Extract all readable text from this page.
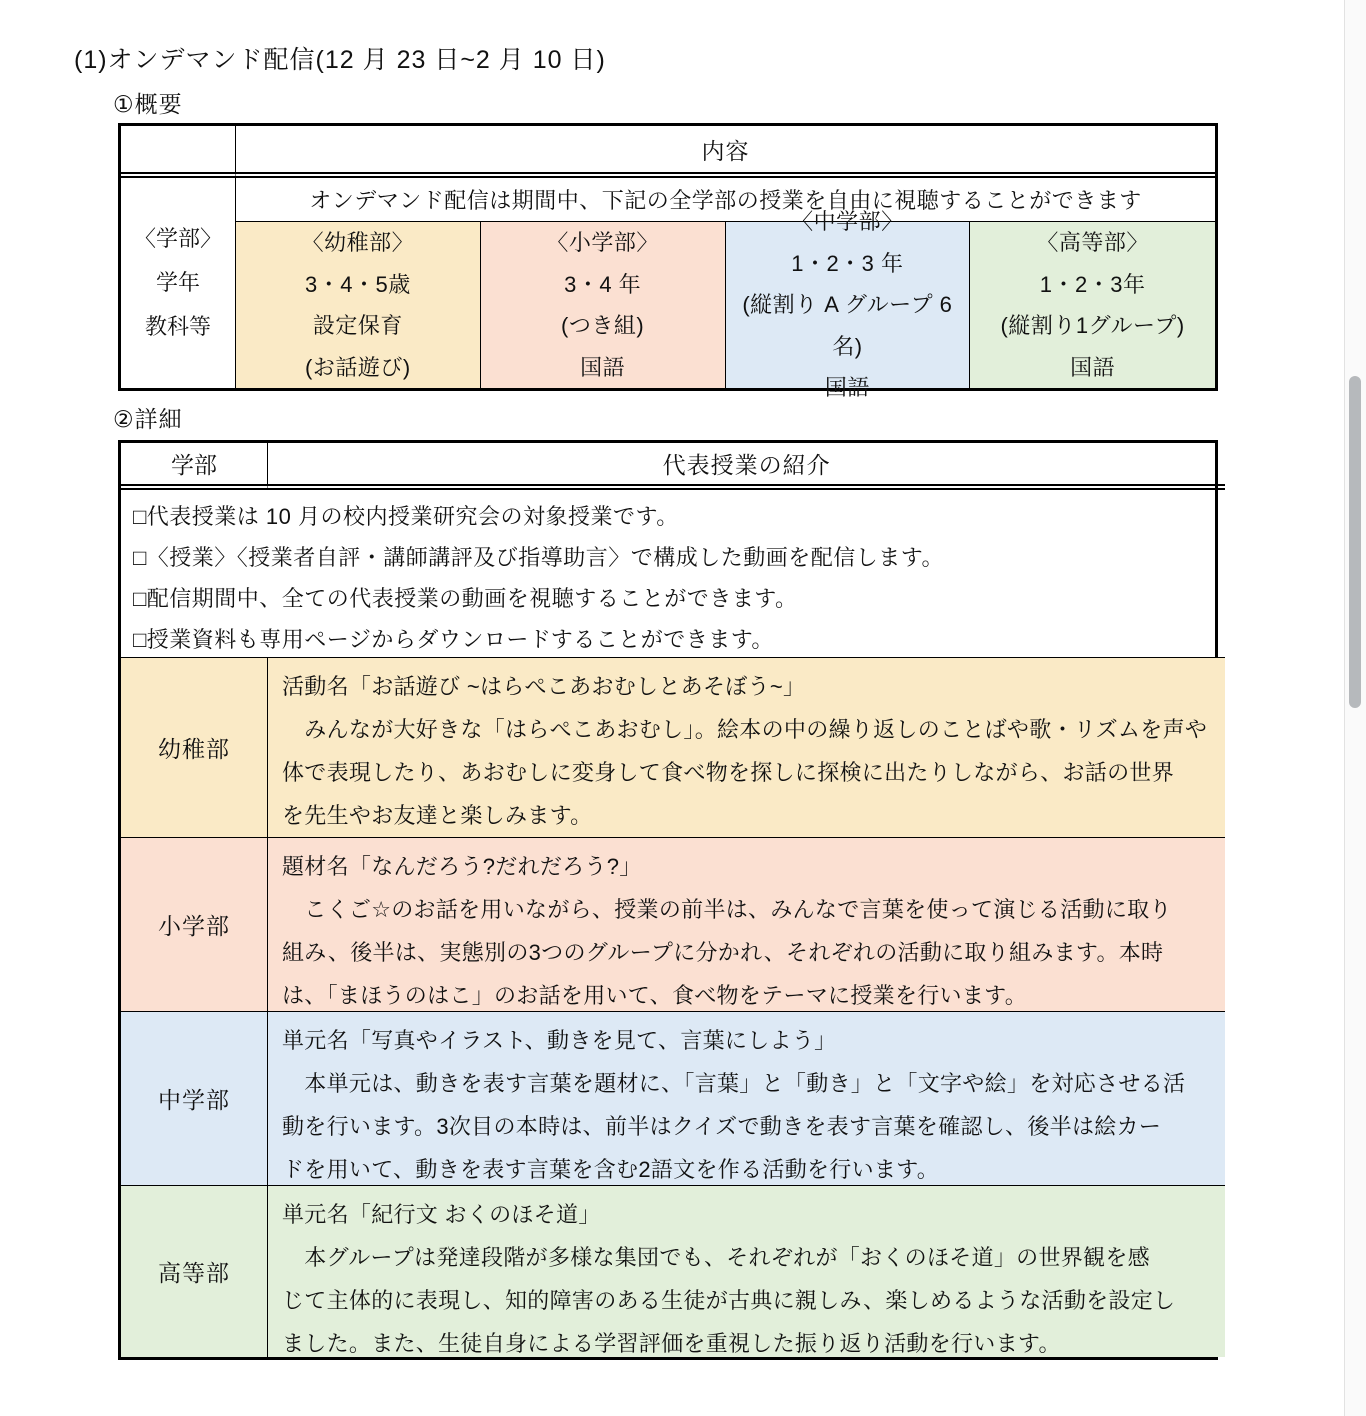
(1)オンデマンド配信(12 月 23 日~2 月 10 日)
①概要
内容
〈学部〉
学年
教科等
オンデマンド配信は期間中、下記の全学部の授業を自由に視聴することができます
〈幼稚部〉
3・4・5歳
設定保育
(お話遊び)
〈小学部〉
3・4 年
(つき組)
国語
〈中学部〉
1・2・3 年
(縦割り A グループ 6 名)
国語
〈高等部〉
1・2・3年
(縦割り1グループ)
国語
②詳細
学部	代表授業の紹介
□代表授業は 10 月の校内授業研究会の対象授業です。
□〈授業〉〈授業者自評・講師講評及び指導助言〉で構成した動画を配信します。
□配信期間中、全ての代表授業の動画を視聴することができます。
□授業資料も専用ページからダウンロードすることができます。
幼稚部
活動名「お話遊び ~はらぺこあおむしとあそぼう~」
　みんなが大好きな「はらぺこあおむし」。絵本の中の繰り返しのことばや歌・リズムを声や
体で表現したり、あおむしに変身して食べ物を探しに探検に出たりしながら、お話の世界
を先生やお友達と楽しみます。
小学部
題材名「なんだろう?だれだろう?」
　こくご☆のお話を用いながら、授業の前半は、みんなで言葉を使って演じる活動に取り
組み、後半は、実態別の3つのグループに分かれ、それぞれの活動に取り組みます。本時
は、「まほうのはこ」のお話を用いて、食べ物をテーマに授業を行います。
中学部
単元名「写真やイラスト、動きを見て、言葉にしよう」
　本単元は、動きを表す言葉を題材に、「言葉」と「動き」と「文字や絵」を対応させる活
動を行います。3次目の本時は、前半はクイズで動きを表す言葉を確認し、後半は絵カー
ドを用いて、動きを表す言葉を含む2語文を作る活動を行います。
高等部
単元名「紀行文 おくのほそ道」
　本グループは発達段階が多様な集団でも、それぞれが「おくのほそ道」の世界観を感
じて主体的に表現し、知的障害のある生徒が古典に親しみ、楽しめるような活動を設定し
ました。また、生徒自身による学習評価を重視した振り返り活動を行います。
